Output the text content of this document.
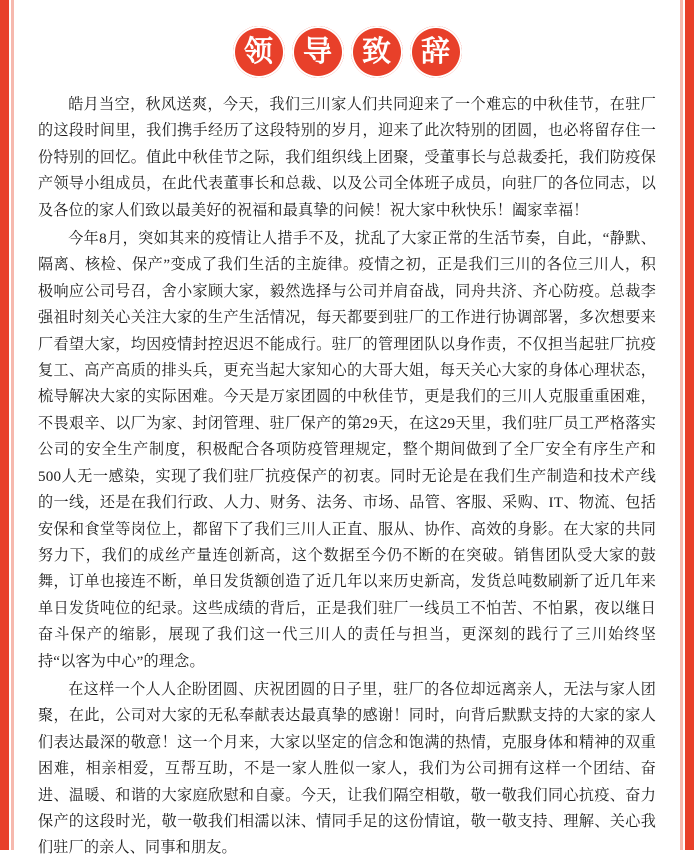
领	导	致	辞

皓月当空，秋风送爽，今天，我们三川家人们共同迎来了一个难忘的中秋佳节，在驻厂的这段时间里，我们携手经历了这段特别的岁月，迎来了此次特别的团圆，也必将留存住一份特别的回忆。值此中秋佳节之际，我们组织线上团聚，受董事长与总裁委托，我们防疫保产领导小组成员，在此代表董事长和总裁、以及公司全体班子成员，向驻厂的各位同志，以及各位的家人们致以最美好的祝福和最真挚的问候！祝大家中秋快乐！阖家幸福！

今年8月，突如其来的疫情让人措手不及，扰乱了大家正常的生活节奏，自此，“静默、隔离、核检、保产”变成了我们生活的主旋律。疫情之初，正是我们三川的各位三川人，积极响应公司号召，舍小家顾大家，毅然选择与公司并肩奋战，同舟共济、齐心防疫。总裁李强祖时刻关心关注大家的生产生活情况，每天都要到驻厂的工作进行协调部署，多次想要来厂看望大家，均因疫情封控迟迟不能成行。驻厂的管理团队以身作责，不仅担当起驻厂抗疫复工、高产高质的排头兵，更充当起大家知心的大哥大姐，每天关心大家的身体心理状态，梳导解决大家的实际困难。今天是万家团圆的中秋佳节，更是我们的三川人克服重重困难，不畏艰辛、以厂为家、封闭管理、驻厂保产的第29天，在这29天里，我们驻厂员工严格落实公司的安全生产制度，积极配合各项防疫管理规定，整个期间做到了全厂安全有序生产和500人无一感染，实现了我们驻厂抗疫保产的初衷。同时无论是在我们生产制造和技术产线的一线，还是在我们行政、人力、财务、法务、市场、品管、客服、采购、IT、物流、包括安保和食堂等岗位上，都留下了我们三川人正直、服从、协作、高效的身影。在大家的共同努力下，我们的成丝产量连创新高，这个数据至今仍不断的在突破。销售团队受大家的鼓舞，订单也接连不断，单日发货额创造了近几年以来历史新高，发货总吨数刷新了近几年来单日发货吨位的纪录。这些成绩的背后，正是我们驻厂一线员工不怕苦、不怕累，夜以继日奋斗保产的缩影，展现了我们这一代三川人的责任与担当，更深刻的践行了三川始终坚持“以客为中心”的理念。

在这样一个人人企盼团圆、庆祝团圆的日子里，驻厂的各位却远离亲人，无法与家人团聚，在此，公司对大家的无私奉献表达最真挚的感谢！同时，向背后默默支持的大家的家人们表达最深的敬意！这一个月来，大家以坚定的信念和饱满的热情，克服身体和精神的双重困难，相亲相爱，互帮互助，不是一家人胜似一家人，我们为公司拥有这样一个团结、奋进、温暖、和谐的大家庭欣慰和自豪。今天，让我们隔空相敬，敬一敬我们同心抗疫、奋力保产的这段时光，敬一敬我们相濡以沫、情同手足的这份情谊，敬一敬支持、理解、关心我们驻厂的亲人、同事和朋友。
